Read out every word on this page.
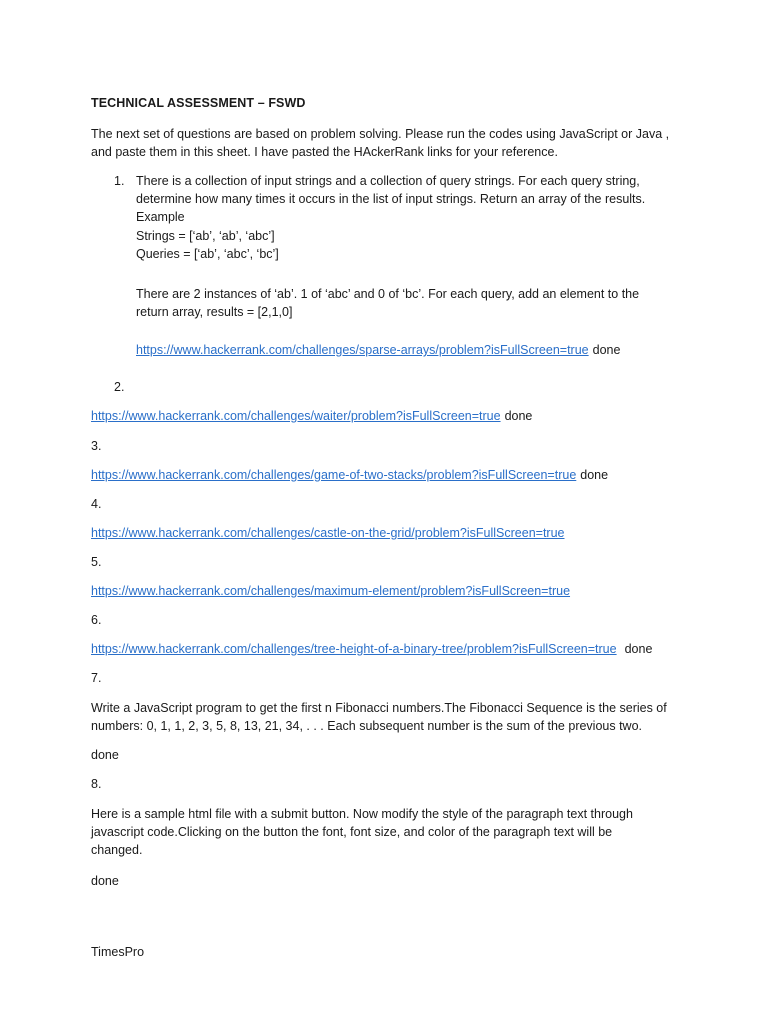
TECHNICAL ASSESSMENT – FSWD
The next set of questions are based on problem solving. Please run the codes using JavaScript or Java ,
and paste them in this sheet. I have pasted the HAckerRank links for your reference.
1. There is a collection of input strings and a collection of query strings. For each query string,
determine how many times it occurs in the list of input strings. Return an array of the results.
Example
Strings = [‘ab’, ‘ab’, ‘abc’]
Queries = [‘ab’, ‘abc’, ‘bc’]
There are 2 instances of ‘ab’. 1 of ‘abc’ and 0 of ‘bc’. For each query, add an element to the
return array, results = [2,1,0]
https://www.hackerrank.com/challenges/sparse-arrays/problem?isFullScreen=true done
2.
https://www.hackerrank.com/challenges/waiter/problem?isFullScreen=true done
3.
https://www.hackerrank.com/challenges/game-of-two-stacks/problem?isFullScreen=true done
4.
https://www.hackerrank.com/challenges/castle-on-the-grid/problem?isFullScreen=true
5.
https://www.hackerrank.com/challenges/maximum-element/problem?isFullScreen=true
6.
https://www.hackerrank.com/challenges/tree-height-of-a-binary-tree/problem?isFullScreen=true done
7.
Write a JavaScript program to get the first n Fibonacci numbers.The Fibonacci Sequence is the series of
numbers: 0, 1, 1, 2, 3, 5, 8, 13, 21, 34, . . . Each subsequent number is the sum of the previous two.
done
8.
Here is a sample html file with a submit button. Now modify the style of the paragraph text through
javascript code.Clicking on the button the font, font size, and color of the paragraph text will be
changed.
done
TimesPro
